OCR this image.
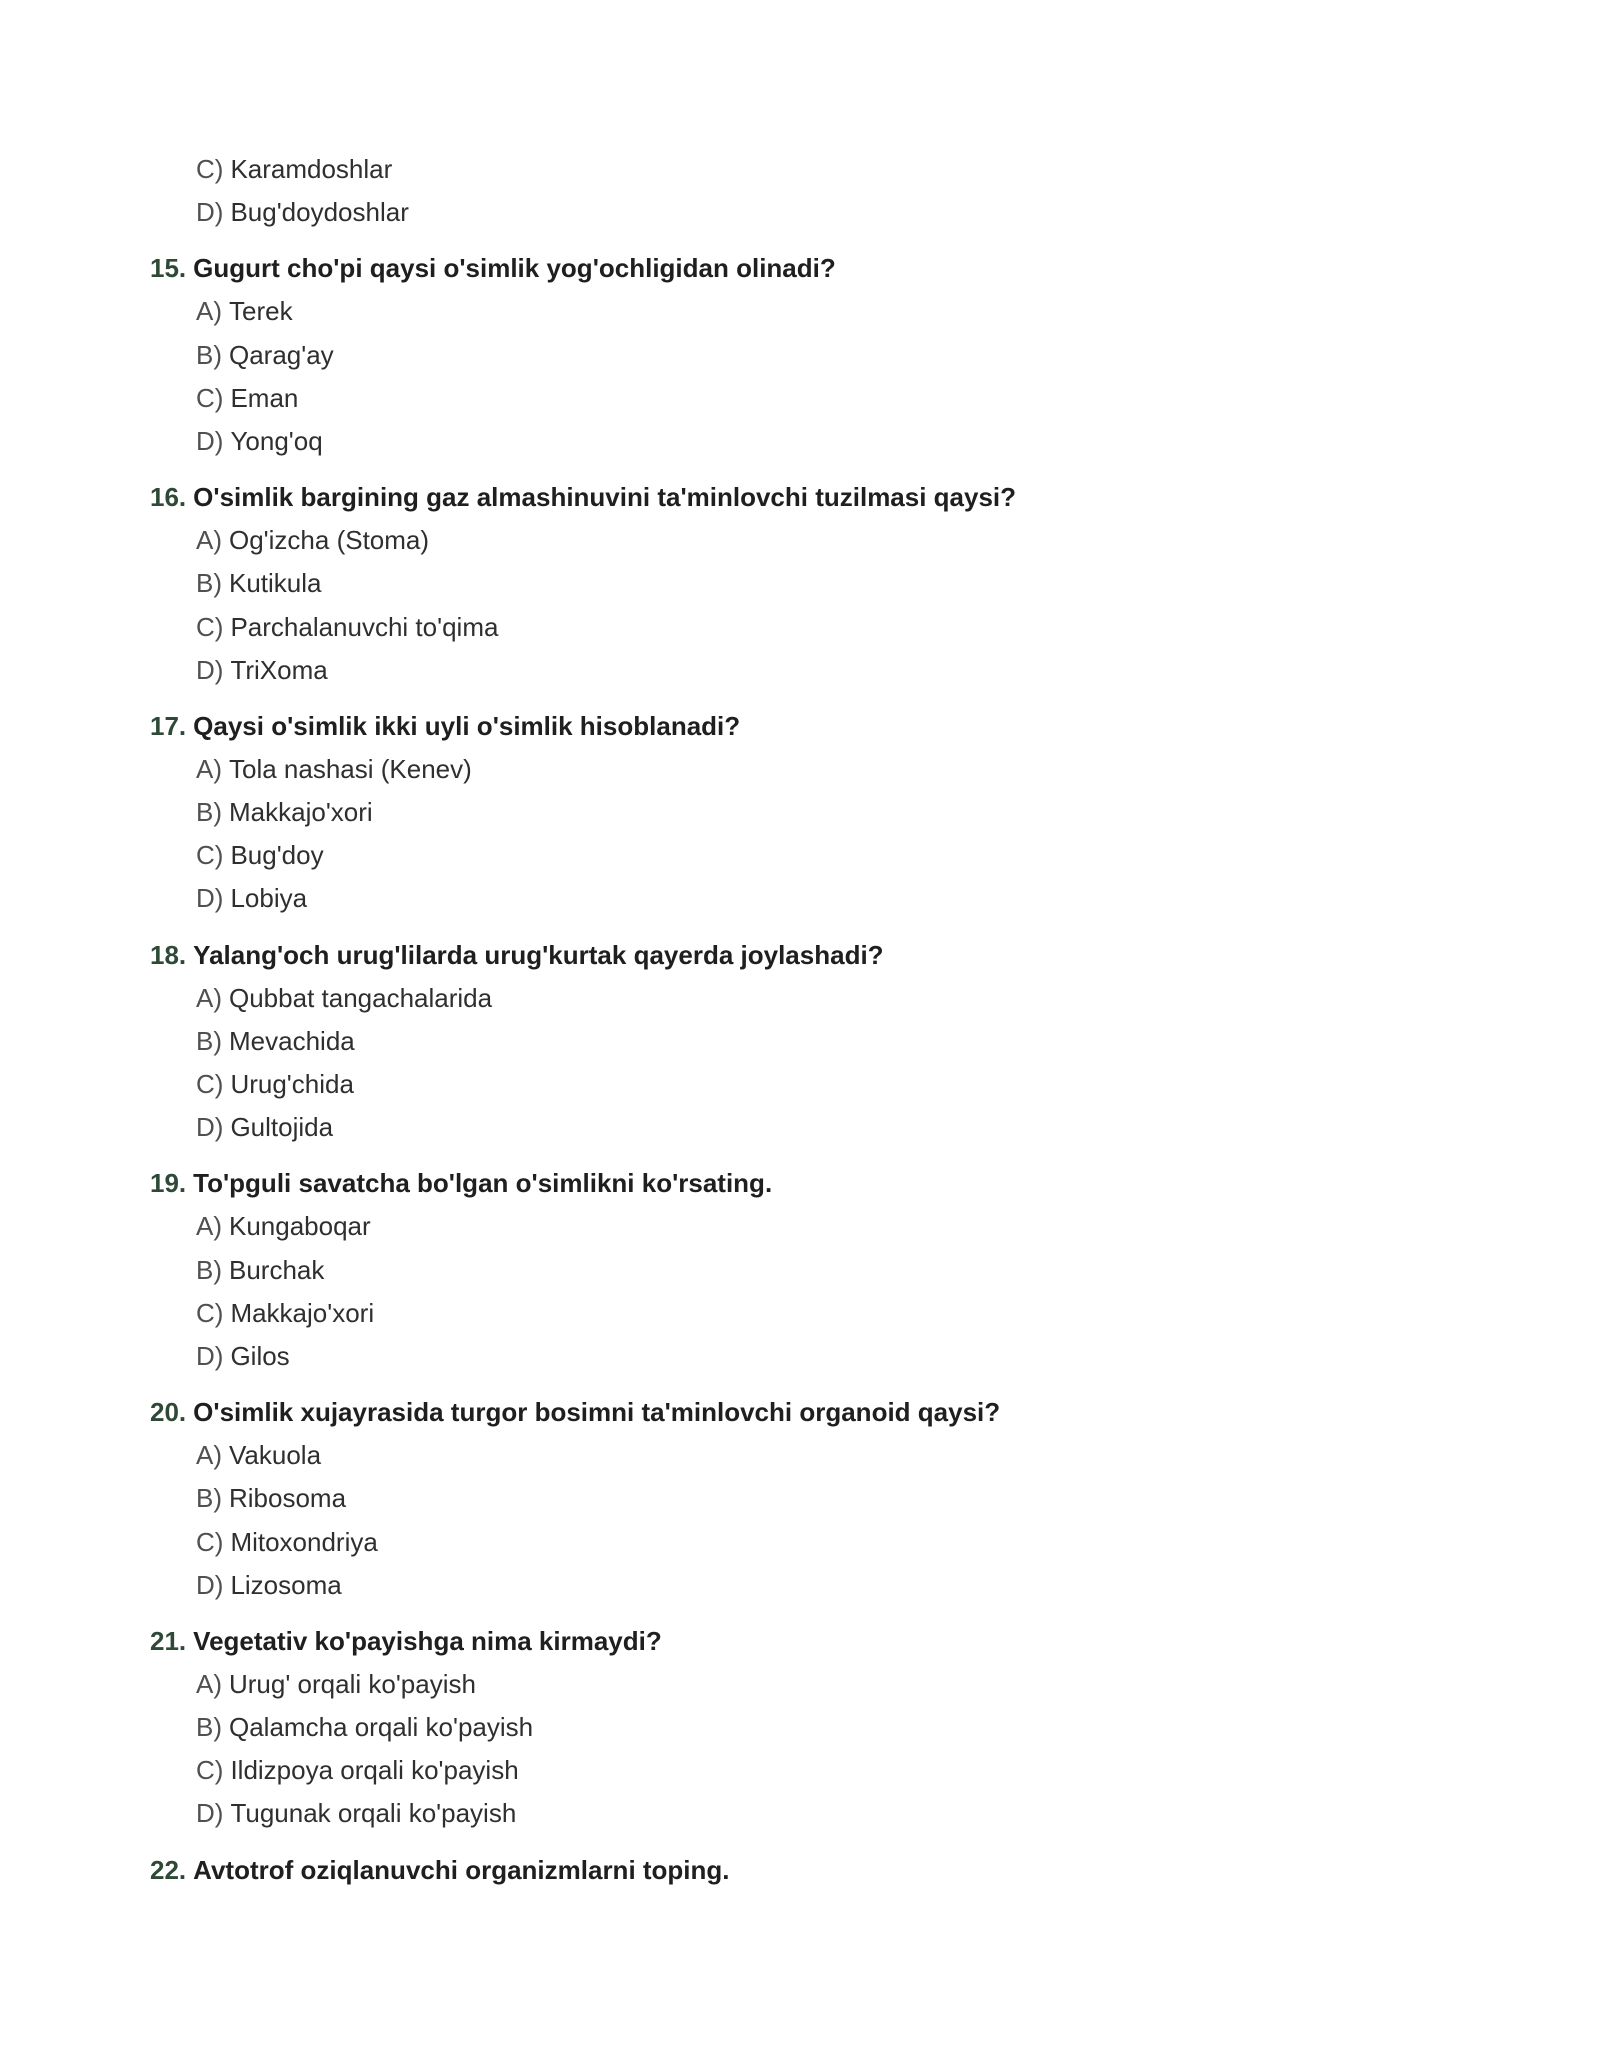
C) Karamdoshlar
D) Bug'doydoshlar
15. Gugurt cho'pi qaysi o'simlik yog'ochligidan olinadi?
A) Terek
B) Qarag'ay
C) Eman
D) Yong'oq
16. O'simlik bargining gaz almashinuvini ta'minlovchi tuzilmasi qaysi?
A) Og'izcha (Stoma)
B) Kutikula
C) Parchalanuvchi to'qima
D) TriXoma
17. Qaysi o'simlik ikki uyli o'simlik hisoblanadi?
A) Tola nashasi (Kenev)
B) Makkajo'xori
C) Bug'doy
D) Lobiya
18. Yalang'och urug'lilarda urug'kurtak qayerda joylashadi?
A) Qubbat tangachalarida
B) Mevachida
C) Urug'chida
D) Gultojida
19. To'pguli savatcha bo'lgan o'simlikni ko'rsating.
A) Kungaboqar
B) Burchak
C) Makkajo'xori
D) Gilos
20. O'simlik xujayrasida turgor bosimni ta'minlovchi organoid qaysi?
A) Vakuola
B) Ribosoma
C) Mitoxondriya
D) Lizosoma
21. Vegetativ ko'payishga nima kirmaydi?
A) Urug' orqali ko'payish
B) Qalamcha orqali ko'payish
C) Ildizpoya orqali ko'payish
D) Tugunak orqali ko'payish
22. Avtotrof oziqlanuvchi organizmlarni toping.
